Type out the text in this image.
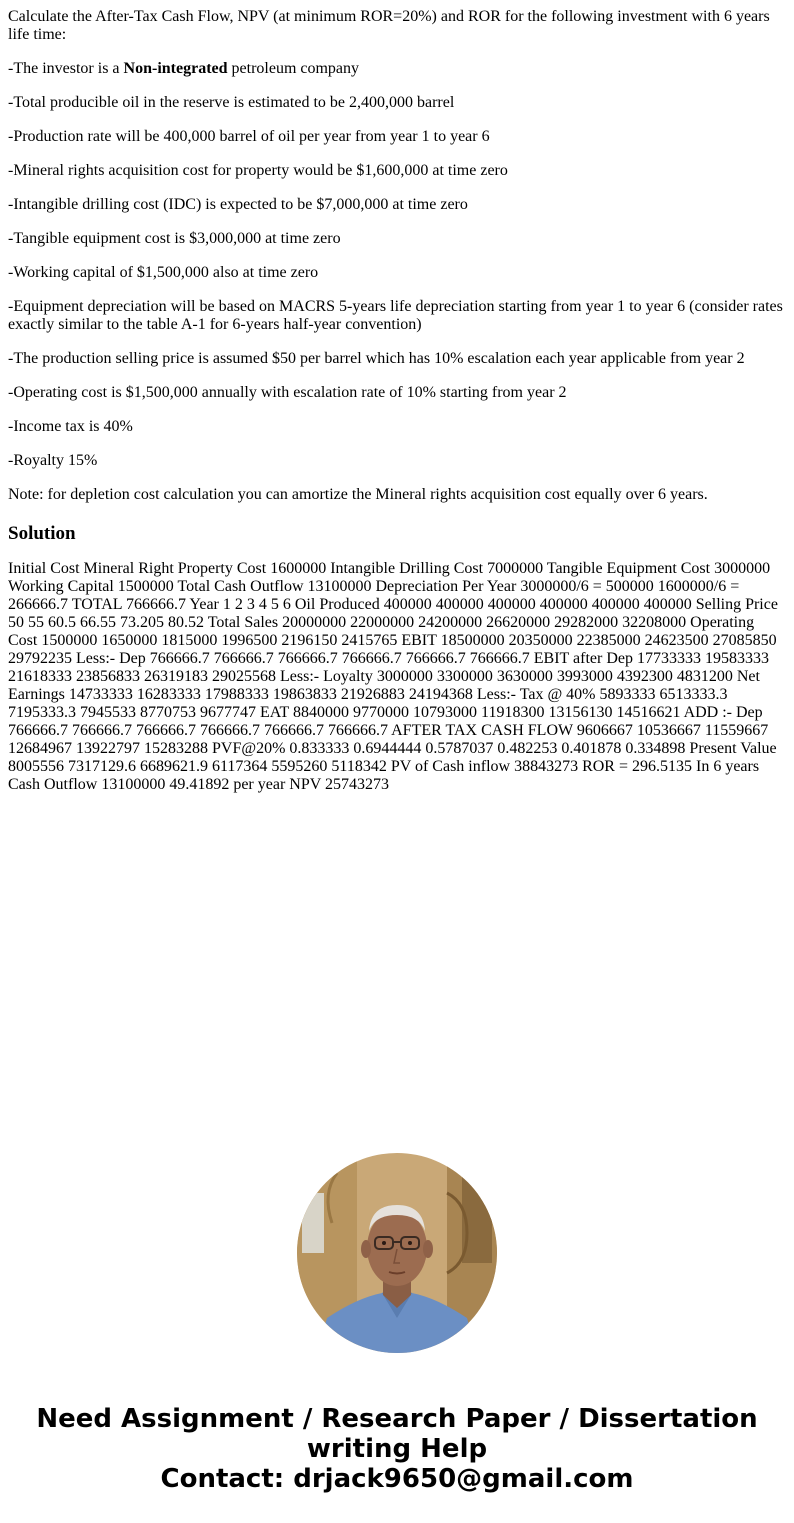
Calculate the After-Tax Cash Flow, NPV (at minimum ROR=20%) and ROR for the following investment with 6 years life time:

-The investor is a Non-integrated petroleum company

-Total producible oil in the reserve is estimated to be 2,400,000 barrel

-Production rate will be 400,000 barrel of oil per year from year 1 to year 6

-Mineral rights acquisition cost for property would be $1,600,000 at time zero

-Intangible drilling cost (IDC) is expected to be $7,000,000 at time zero

-Tangible equipment cost is $3,000,000 at time zero

-Working capital of $1,500,000 also at time zero

-Equipment depreciation will be based on MACRS 5-years life depreciation starting from year 1 to year 6 (consider rates exactly similar to the table A-1 for 6-years half-year convention)

-The production selling price is assumed $50 per barrel which has 10% escalation each year applicable from year 2

-Operating cost is $1,500,000 annually with escalation rate of 10% starting from year 2

-Income tax is 40%

-Royalty 15%

Note: for depletion cost calculation you can amortize the Mineral rights acquisition cost equally over 6 years.

Solution

Initial Cost Mineral Right Property Cost 1600000 Intangible Drilling Cost 7000000 Tangible Equipment Cost 3000000 Working Capital 1500000 Total Cash Outflow 13100000 Depreciation Per Year 3000000/6 = 500000 1600000/6 = 266666.7 TOTAL 766666.7 Year 1 2 3 4 5 6 Oil Produced 400000 400000 400000 400000 400000 400000 Selling Price 50 55 60.5 66.55 73.205 80.52 Total Sales 20000000 22000000 24200000 26620000 29282000 32208000 Operating Cost 1500000 1650000 1815000 1996500 2196150 2415765 EBIT 18500000 20350000 22385000 24623500 27085850 29792235 Less:- Dep 766666.7 766666.7 766666.7 766666.7 766666.7 766666.7 EBIT after Dep 17733333 19583333 21618333 23856833 26319183 29025568 Less:- Loyalty 3000000 3300000 3630000 3993000 4392300 4831200 Net Earnings 14733333 16283333 17988333 19863833 21926883 24194368 Less:- Tax @ 40% 5893333 6513333.3 7195333.3 7945533 8770753 9677747 EAT 8840000 9770000 10793000 11918300 13156130 14516621 ADD :- Dep 766666.7 766666.7 766666.7 766666.7 766666.7 766666.7 AFTER TAX CASH FLOW 9606667 10536667 11559667 12684967 13922797 15283288 PVF@20% 0.833333 0.6944444 0.5787037 0.482253 0.401878 0.334898 Present Value 8005556 7317129.6 6689621.9 6117364 5595260 5118342 PV of Cash inflow 38843273 ROR = 296.5135 In 6 years Cash Outflow 13100000 49.41892 per year NPV 25743273

Need Assignment / Research Paper / Dissertation
writing Help
Contact: drjack9650@gmail.com
